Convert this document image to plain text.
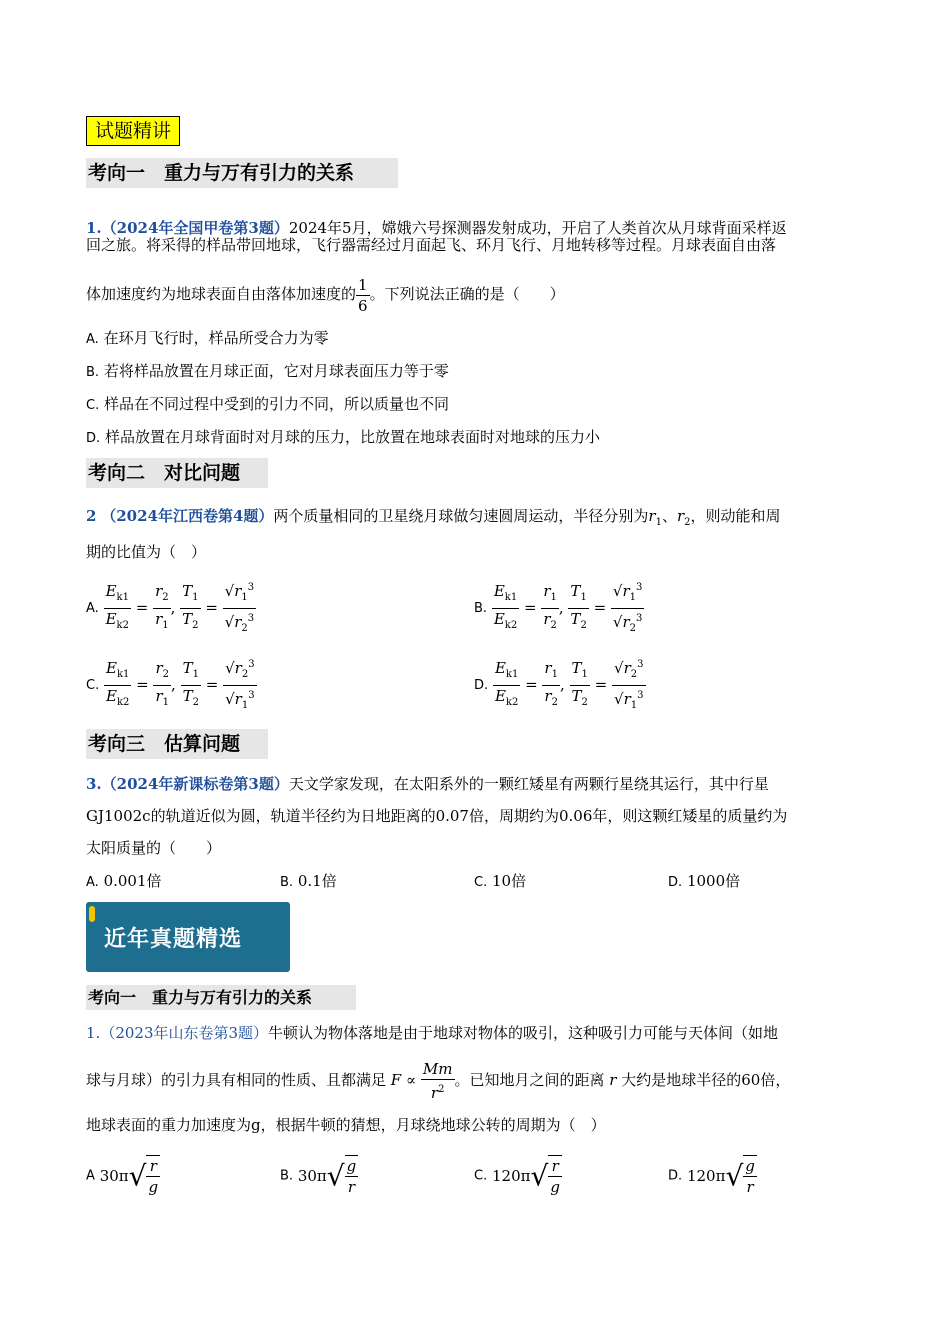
试题精讲
考向一　重力与万有引力的关系
1.（2024年全国甲卷第3题）2024年5月，嫦娥六号探测器发射成功，开启了人类首次从月球背面采样返
回之旅。将采得的样品带回地球，飞行器需经过月面起飞、环月飞行、月地转移等过程。月球表面自由落
体加速度约为地球表面自由落体加速度的 $\frac{1}{6}$ 。下列说法正确的是（　　）
A. 在环月飞行时，样品所受合力为零
B. 若将样品放置在月球正面，它对月球表面压力等于零
C. 样品在不同过程中受到的引力不同，所以质量也不同
D. 样品放置在月球背面时对月球的压力，比放置在地球表面时对地球的压力小
考向二　对比问题
2 （2024年江西卷第4题）两个质量相同的卫星绕月球做匀速圆周运动，半径分别为$r_1$、$r_2$，则动能和周
期的比值为（　）
A. $\frac{E_{k1}}{E_{k2}} = \frac{r_2}{r_1}$ , $\frac{T_1}{T_2} = \frac{√r_1^3}{√r_2^3}$	B. $\frac{E_{k1}}{E_{k2}} = \frac{r_1}{r_2}$ , $\frac{T_1}{T_2} = \frac{√r_1^3}{√r_2^3}$
C. $\frac{E_{k1}}{E_{k2}} = \frac{r_2}{r_1}$ , $\frac{T_1}{T_2} = \frac{√r_2^3}{√r_1^3}$	D. $\frac{E_{k1}}{E_{k2}} = \frac{r_1}{r_2}$ , $\frac{T_1}{T_2} = \frac{√r_2^3}{√r_1^3}$
考向三　估算问题
3.（2024年新课标卷第3题）天文学家发现，在太阳系外的一颗红矮星有两颗行星绕其运行，其中行星
GJ1002c的轨道近似为圆，轨道半径约为日地距离的0.07倍，周期约为0.06年，则这颗红矮星的质量约为
太阳质量的（　　）
A. 0.001倍	B. 0.1倍	C. 10倍	D. 1000倍
近年真题精选
考向一　重力与万有引力的关系
1.（2023年山东卷第3题）牛顿认为物体落地是由于地球对物体的吸引，这种吸引力可能与天体间（如地
球与月球）的引力具有相同的性质、且都满足 $F \propto \frac{Mm}{r^2}$ 。已知地月之间的距离 r 大约是地球半径的60倍，
地球表面的重力加速度为g，根据牛顿的猜想，月球绕地球公转的周期为（　）
A $30\pi√ \frac{r}{g}$	B. $30\pi√ \frac{g}{r}$	C. $120\pi√ \frac{r}{g}$	D. $120\pi√ \frac{g}{r}$
